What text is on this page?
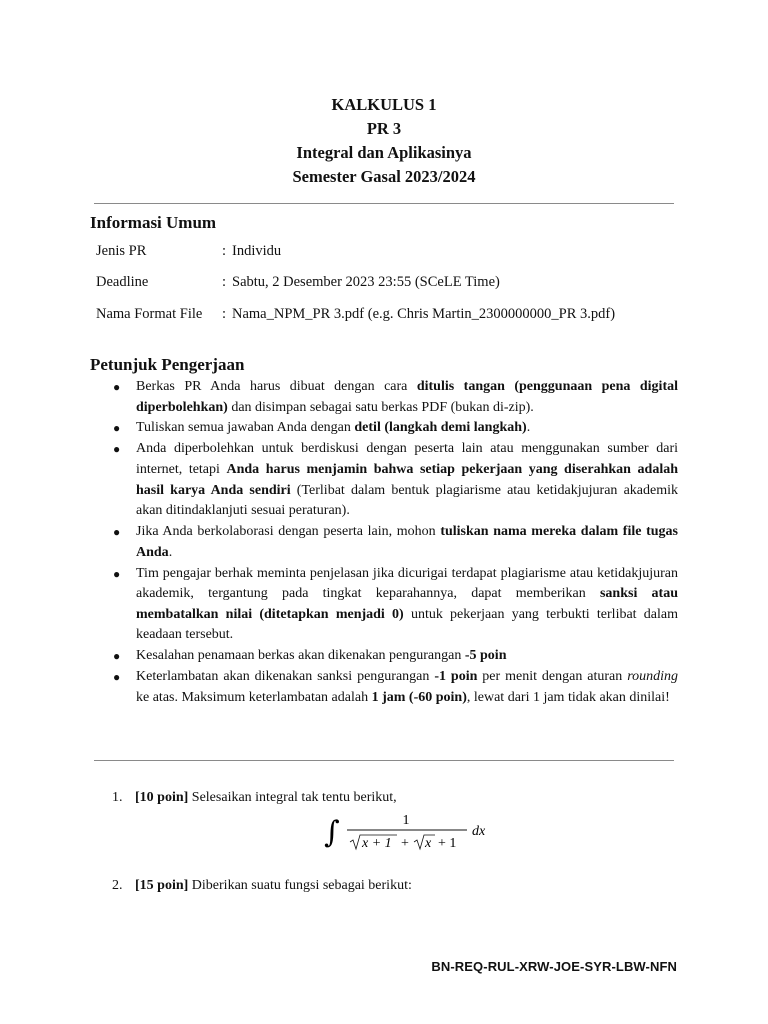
KALKULUS 1
PR 3
Integral dan Aplikasinya
Semester Gasal 2023/2024
Informasi Umum
Jenis PR	: Individu
Deadline	: Sabtu, 2 Desember 2023 23:55 (SCeLE Time)
Nama Format File : Nama_NPM_PR 3.pdf (e.g. Chris Martin_2300000000_PR 3.pdf)
Petunjuk Pengerjaan
● Berkas PR Anda harus dibuat dengan cara ditulis tangan (penggunaan pena digital diperbolehkan) dan disimpan sebagai satu berkas PDF (bukan di-zip).
● Tuliskan semua jawaban Anda dengan detil (langkah demi langkah).
● Anda diperbolehkan untuk berdiskusi dengan peserta lain atau menggunakan sumber dari internet, tetapi Anda harus menjamin bahwa setiap pekerjaan yang diserahkan adalah hasil karya Anda sendiri (Terlibat dalam bentuk plagiarisme atau ketidakjujuran akademik akan ditindaklanjuti sesuai peraturan).
● Jika Anda berkolaborasi dengan peserta lain, mohon tuliskan nama mereka dalam file tugas Anda.
● Tim pengajar berhak meminta penjelasan jika dicurigai terdapat plagiarisme atau ketidakjujuran akademik, tergantung pada tingkat keparahannya, dapat memberikan sanksi atau membatalkan nilai (ditetapkan menjadi 0) untuk pekerjaan yang terbukti terlibat dalam keadaan tersebut.
● Kesalahan penamaan berkas akan dikenakan pengurangan -5 poin
● Keterlambatan akan dikenakan sanksi pengurangan -1 poin per menit dengan aturan rounding ke atas. Maksimum keterlambatan adalah 1 jam (-60 poin), lewat dari 1 jam tidak akan dinilai!
1. [10 poin] Selesaikan integral tak tentu berikut,
2. [15 poin] Diberikan suatu fungsi sebagai berikut:
∫	1
x + 1 + x + 1
dx
BN-REQ-RUL-XRW-JOE-SYR-LBW-NFN
